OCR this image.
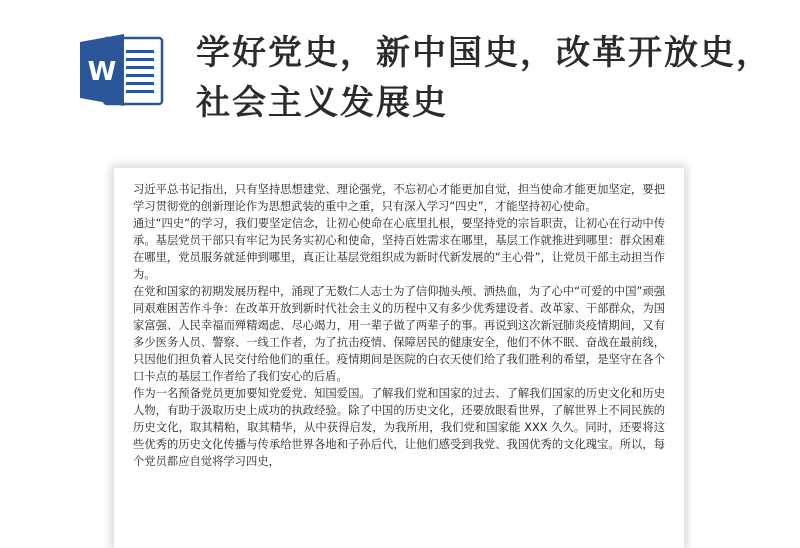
W 学好党史，新中国史，改革开放史，社会主义发展史

习近平总书记指出，只有坚持思想建党、理论强党，不忘初心才能更加自觉，担当使命才能更加坚定，要把学习贯彻党的创新理论作为思想武装的重中之重，只有深入学习“四史”，才能坚持初心使命。

通过“四史”的学习，我们要坚定信念，让初心使命在心底里扎根，要坚持党的宗旨职责，让初心在行动中传承。基层党员干部只有牢记为民务实初心和使命，坚持百姓需求在哪里，基层工作就推进到哪里：群众困难在哪里，党员服务就延伸到哪里，真正让基层党组织成为新时代新发展的“主心骨”，让党员干部主动担当作为。

在党和国家的初期发展历程中，涌现了无数仁人志士为了信仰抛头颅、洒热血，为了心中“可爱的中国”顽强同艰难困苦作斗争：在改革开放到新时代社会主义的历程中又有多少优秀建设者、改革家、干部群众，为国家富强、人民幸福而殚精竭虑、尽心竭力，用一辈子做了两辈子的事。再说到这次新冠肺炎疫情期间，又有多少医务人员、警察、一线工作者，为了抗击疫情、保障居民的健康安全，他们不休不眠、奋战在最前线，只因他们担负着人民交付给他们的重任。疫情期间是医院的白衣天使们给了我们胜利的希望，是坚守在各个口卡点的基层工作者给了我们安心的后盾。

作为一名预备党员更加要知党爱党、知国爱国。了解我们党和国家的过去、了解我们国家的历史文化和历史人物，有助于汲取历史上成功的执政经验。除了中国的历史文化，还要放眼看世界，了解世界上不同民族的历史文化，取其精粕，取其精华，从中获得启发，为我所用，我们党和国家能 XXX 久久。同时，还要将这些优秀的历史文化传播与传承给世界各地和子孙后代，让他们感受到我党、我国优秀的文化瑰宝。所以，每个党员都应自觉将学习四史，
